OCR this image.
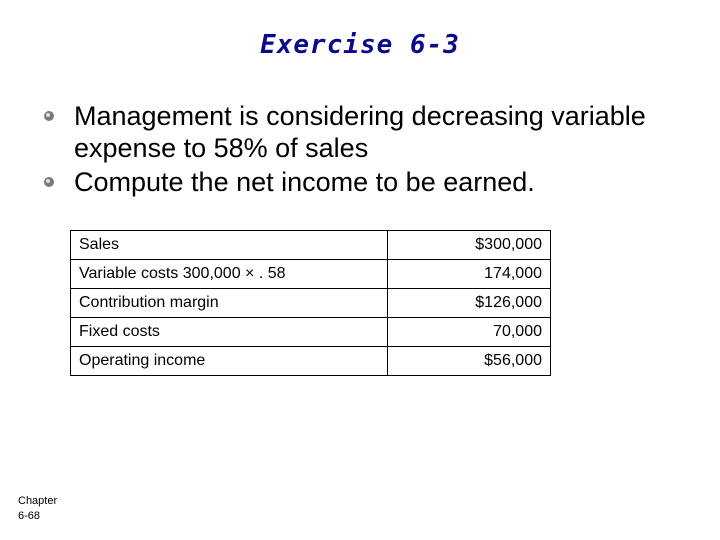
Exercise 6-3
Management is considering decreasing variable expense to 58% of sales
Compute the net income to be earned.
Sales	$300,000
Variable costs 300,000 × . 58	174,000
Contribution margin	$126,000
Fixed costs	70,000
Operating income	$56,000
Chapter
6-68
